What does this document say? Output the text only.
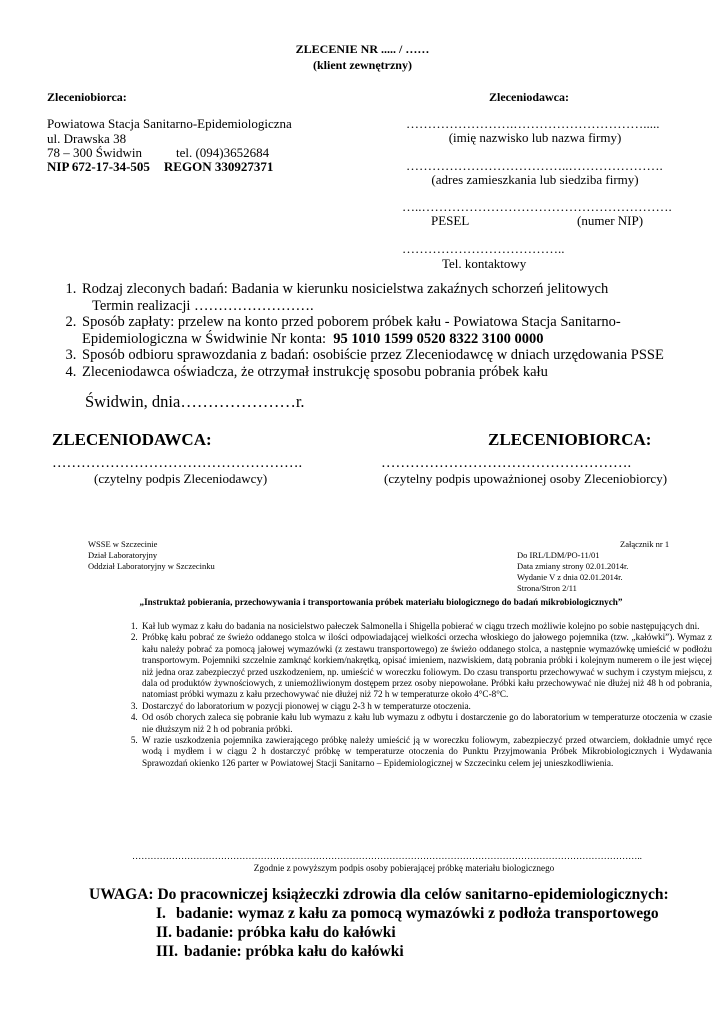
ZLECENIE NR ..... / ……
(klient zewnętrzny)
Zleceniobiorca:
Powiatowa Stacja Sanitarno-Epidemiologiczna
ul. Drawska 38
78 – 300 Świdwin	tel. (094)3652684
NIP 672-17-34-505 REGON 330927371
Zleceniodawca:
…………………….………………………….....
(imię nazwisko lub nazwa firmy)
………………………………..………………….
(adres zamieszkania lub siedziba firmy)
…..………………………………………………….
PESEL	(numer NIP)
………………………………..
Tel. kontaktowy
1. Rodzaj zleconych badań: Badania w kierunku nosicielstwa zakaźnych schorzeń jelitowych
Termin realizacji …………………….
2. Sposób zapłaty: przelew na konto przed poborem próbek kału - Powiatowa Stacja Sanitarno-
Epidemiologiczna w Świdwinie Nr konta: 95 1010 1599 0520 8322 3100 0000
3. Sposób odbioru sprawozdania z badań: osobiście przez Zleceniodawcę w dniach urzędowania PSSE
4. Zleceniodawca oświadcza, że otrzymał instrukcję sposobu pobrania próbek kału
Świdwin, dnia…………………r.
ZLECENIODAWCA:
…………………………………………….
(czytelny podpis Zleceniodawcy)
ZLECENIOBIORCA:
…………………………………………….
(czytelny podpis upoważnionej osoby Zleceniobiorcy)
WSSE w Szczecinie
Dział Laboratoryjny
Oddział Laboratoryjny w Szczecinku
Załącznik nr 1
Do IRL/LDM/PO-11/01
Data zmiany strony 02.01.2014r.
Wydanie V z dnia 02.01.2014r.
Strona/Stron 2/11
„Instruktaż pobierania, przechowywania i transportowania próbek materiału biologicznego do badań mikrobiologicznych”
1. Kał lub wymaz z kału do badania na nosicielstwo pałeczek Salmonella i Shigella pobierać w ciągu trzech możliwie kolejno po sobie następujących dni.
2. Próbkę kału pobrać ze świeżo oddanego stolca w ilości odpowiadającej wielkości orzecha włoskiego do jałowego pojemnika (tzw. „kałówki”). Wymaz z kału należy pobrać za pomocą jałowej wymazówki (z zestawu transportowego) ze świeżo oddanego stolca, a następnie wymazówkę umieścić w podłożu transportowym. Pojemniki szczelnie zamknąć korkiem/nakrętką, opisać imieniem, nazwiskiem, datą pobrania próbki i kolejnym numerem o ile jest więcej niż jedna oraz zabezpieczyć przed uszkodzeniem, np. umieścić w woreczku foliowym. Do czasu transportu przechowywać w suchym i czystym miejscu, z dala od produktów żywnościowych, z uniemożliwionym dostępem przez osoby niepowołane. Próbki kału przechowywać nie dłużej niż 48 h od pobrania, natomiast próbki wymazu z kału przechowywać nie dłużej niż 72 h w temperaturze około 4°C-8°C.
3. Dostarczyć do laboratorium w pozycji pionowej w ciągu 2-3 h w temperaturze otoczenia.
4. Od osób chorych zaleca się pobranie kału lub wymazu z kału lub wymazu z odbytu i dostarczenie go do laboratorium w temperaturze otoczenia w czasie nie dłuższym niż 2 h od pobrania próbki.
5. W razie uszkodzenia pojemnika zawierającego próbkę należy umieścić ją w woreczku foliowym, zabezpieczyć przed otwarciem, dokładnie umyć ręce wodą i mydłem i w ciągu 2 h dostarczyć próbkę w temperaturze otoczenia do Punktu Przyjmowania Próbek Mikrobiologicznych i Wydawania Sprawozdań okienko 126 parter w Powiatowej Stacji Sanitarno – Epidemiologicznej w Szczecinku celem jej unieszkodliwienia.
…………………………………………………………………………………………………………………………………………………..
Zgodnie z powyższym podpis osoby pobierającej próbkę materiału biologicznego
UWAGA: Do pracowniczej książeczki zdrowia dla celów sanitarno-epidemiologicznych:
I. badanie: wymaz z kału za pomocą wymazówki z podłoża transportowego
II. badanie: próbka kału do kałówki
III. badanie: próbka kału do kałówki
